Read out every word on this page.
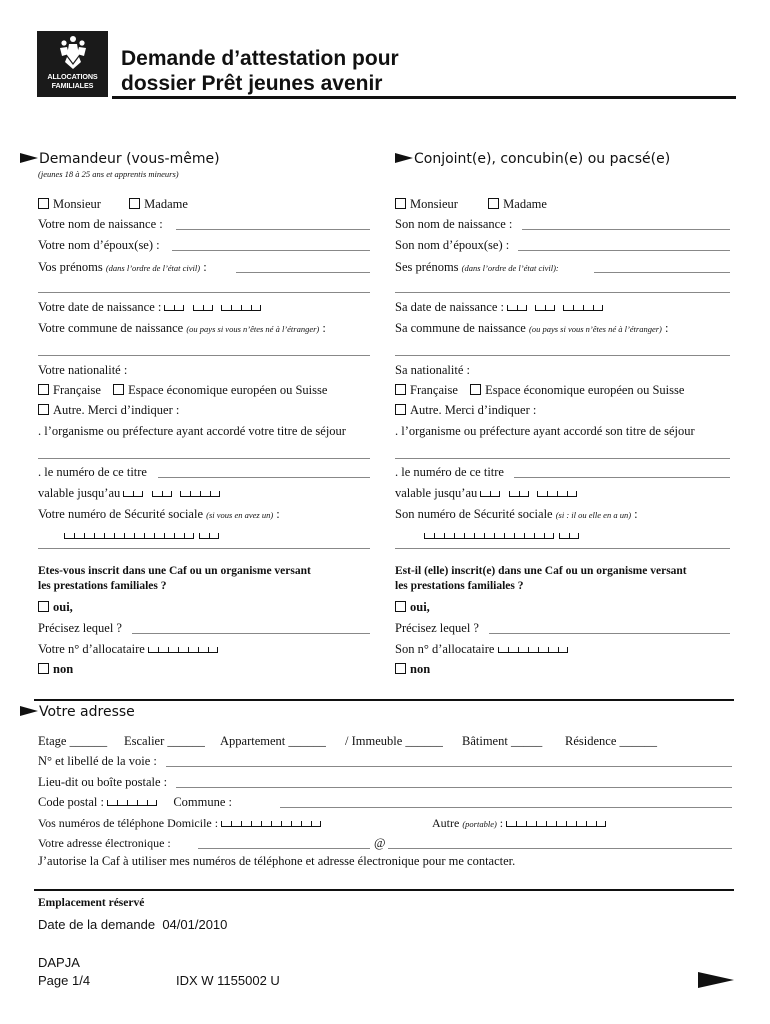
ALLOCATIONS
FAMILIALES
Demande d’attestation pour
dossier Prêt jeunes avenir
Demandeur (vous-même)
(jeunes 18 à 25 ans et apprentis mineurs)
Monsieur	Madame
Votre nom de naissance :
Votre nom d’époux(se) :
Vos prénoms (dans l’ordre de l’état civil) :
Votre date de naissance :
Votre commune de naissance (ou pays si vous n’êtes né à l’étranger) :
Votre nationalité :
Française Espace économique européen ou Suisse
Autre. Merci d’indiquer :
. l’organisme ou préfecture ayant accordé votre titre de séjour
. le numéro de ce titre
valable jusqu’au
Votre numéro de Sécurité sociale (si vous en avez un) :
Etes-vous inscrit dans une Caf ou un organisme versant
les prestations familiales ?
oui,
Précisez lequel ?
Votre n° d’allocataire
non
Conjoint(e), concubin(e) ou pacsé(e)
Monsieur	Madame
Son nom de naissance :
Son nom d’époux(se) :
Ses prénoms (dans l’ordre de l’état civil):
Sa date de naissance :
Sa commune de naissance (ou pays si vous n’êtes né à l’étranger) :
Sa nationalité :
Française Espace économique européen ou Suisse
Autre. Merci d’indiquer :
. l’organisme ou préfecture ayant accordé son titre de séjour
. le numéro de ce titre
valable jusqu’au
Son numéro de Sécurité sociale (si : il ou elle en a un) :
Est-il (elle) inscrit(e) dans une Caf ou un organisme versant
les prestations familiales ?
oui,
Précisez lequel ?
Son n° d’allocataire
non
Votre adresse
Etage ______ Escalier ______ Appartement ______ / Immeuble ______ Bâtiment _____ Résidence ______
N° et libellé de la voie :
Lieu-dit ou boîte postale :
Code postal :	Commune :
Vos numéros de téléphone Domicile :	Autre (portable) :
Votre adresse électronique :	@
J’autorise la Caf à utiliser mes numéros de téléphone et adresse électronique pour me contacter.
Emplacement réservé
Date de la demande 04/01/2010
DAPJA
Page 1/4	IDX W 1155002 U
